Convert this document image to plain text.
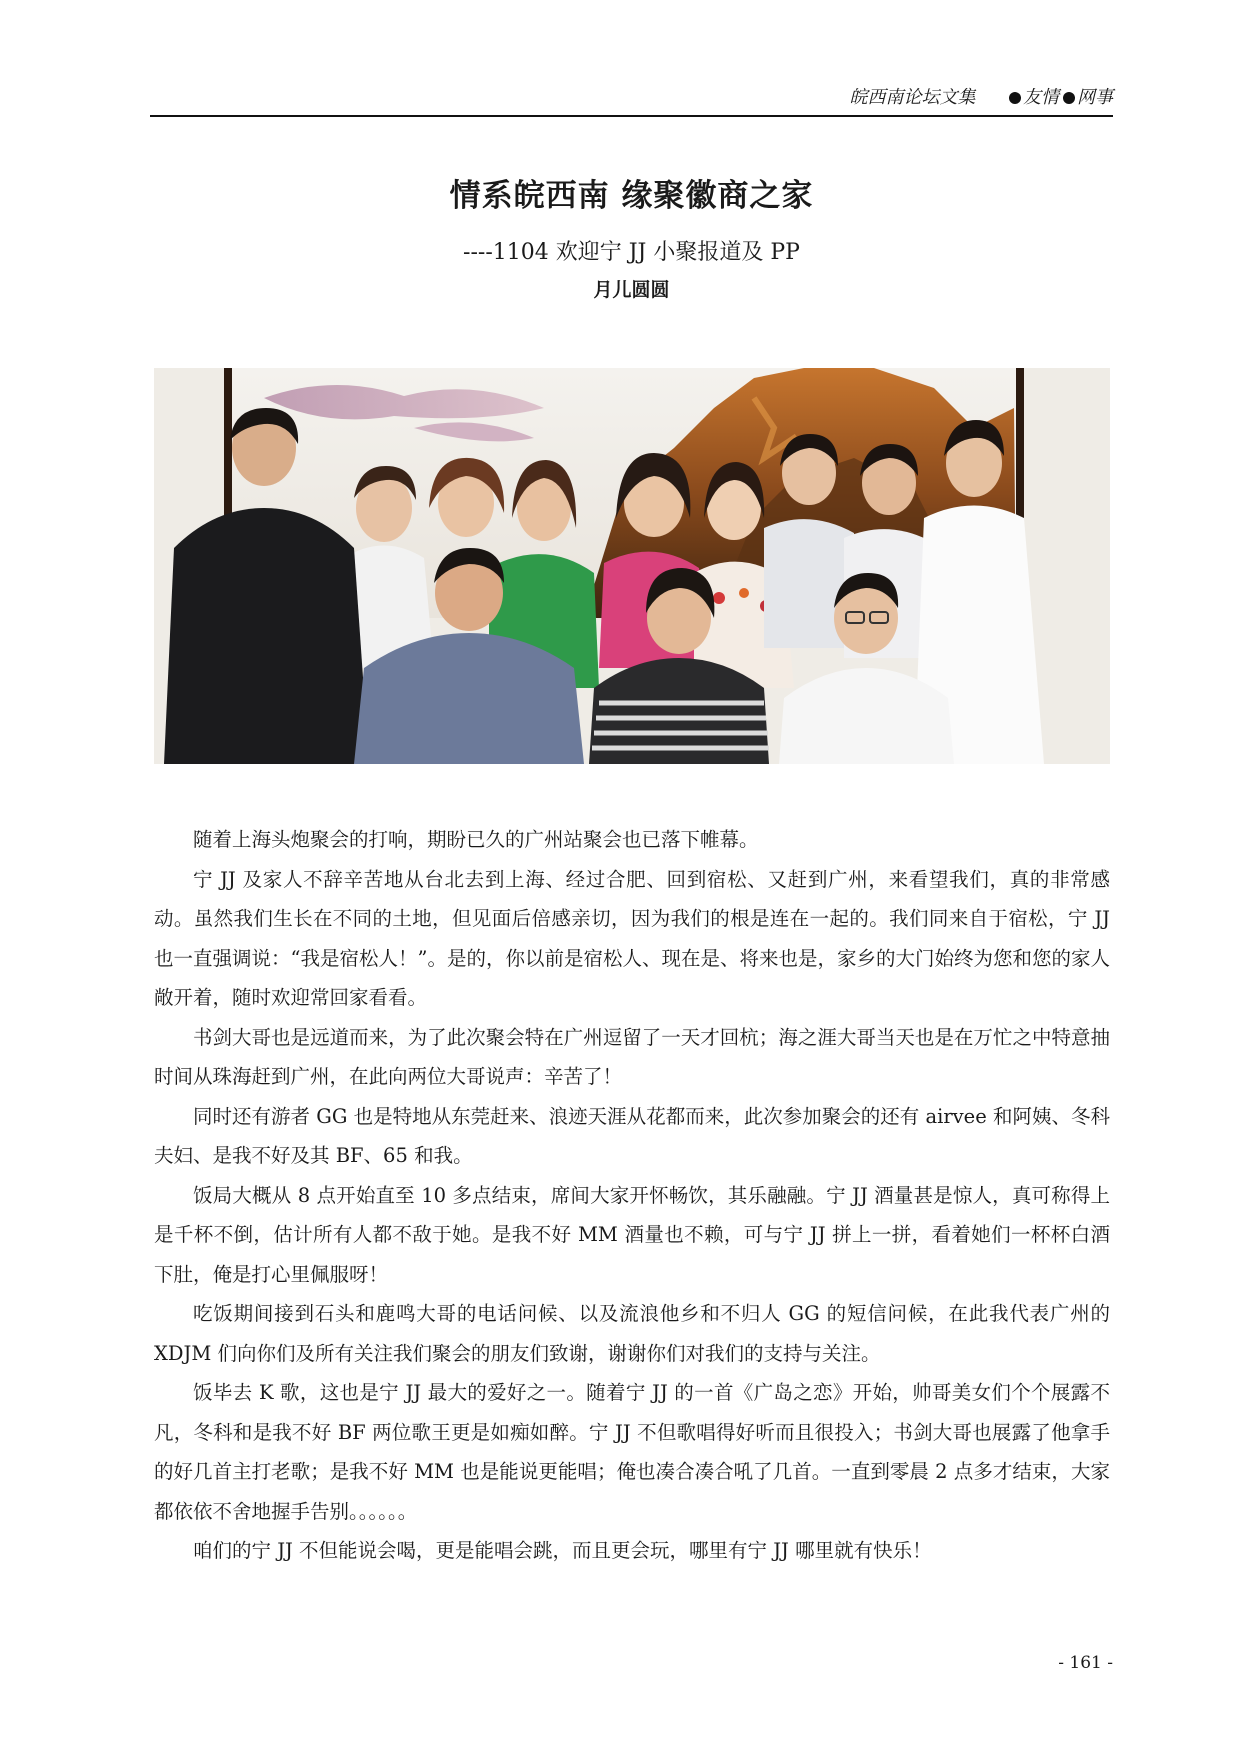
皖西南论坛文集	友情 网事
情系皖西南 缘聚徽商之家
----1104 欢迎宁 JJ 小聚报道及 PP
月儿圆圆

随着上海头炮聚会的打响，期盼已久的广州站聚会也已落下帷幕。

宁 JJ 及家人不辞辛苦地从台北去到上海、经过合肥、回到宿松、又赶到广州，来看望我们，真的非常感动。虽然我们生长在不同的土地，但见面后倍感亲切，因为我们的根是连在一起的。我们同来自于宿松，宁 JJ 也一直强调说：“我是宿松人！”。是的，你以前是宿松人、现在是、将来也是，家乡的大门始终为您和您的家人敞开着，随时欢迎常回家看看。

书剑大哥也是远道而来，为了此次聚会特在广州逗留了一天才回杭；海之涯大哥当天也是在万忙之中特意抽时间从珠海赶到广州，在此向两位大哥说声：辛苦了！

同时还有游者 GG 也是特地从东莞赶来、浪迹天涯从花都而来，此次参加聚会的还有 airvee 和阿姨、冬科夫妇、是我不好及其 BF、65 和我。

饭局大概从 8 点开始直至 10 多点结束，席间大家开怀畅饮，其乐融融。宁 JJ 酒量甚是惊人，真可称得上是千杯不倒，估计所有人都不敌于她。是我不好 MM 酒量也不赖，可与宁 JJ 拼上一拼，看着她们一杯杯白酒下肚，俺是打心里佩服呀！

吃饭期间接到石头和鹿鸣大哥的电话问候、以及流浪他乡和不归人 GG 的短信问候，在此我代表广州的 XDJM 们向你们及所有关注我们聚会的朋友们致谢，谢谢你们对我们的支持与关注。

饭毕去 K 歌，这也是宁 JJ 最大的爱好之一。随着宁 JJ 的一首《广岛之恋》开始，帅哥美女们个个展露不凡，冬科和是我不好 BF 两位歌王更是如痴如醉。宁 JJ 不但歌唱得好听而且很投入；书剑大哥也展露了他拿手的好几首主打老歌；是我不好 MM 也是能说更能唱；俺也凑合凑合吼了几首。一直到零晨 2 点多才结束，大家都依依不舍地握手告别。。。。。。

咱们的宁 JJ 不但能说会喝，更是能唱会跳，而且更会玩，哪里有宁 JJ 哪里就有快乐！

- 161 -
